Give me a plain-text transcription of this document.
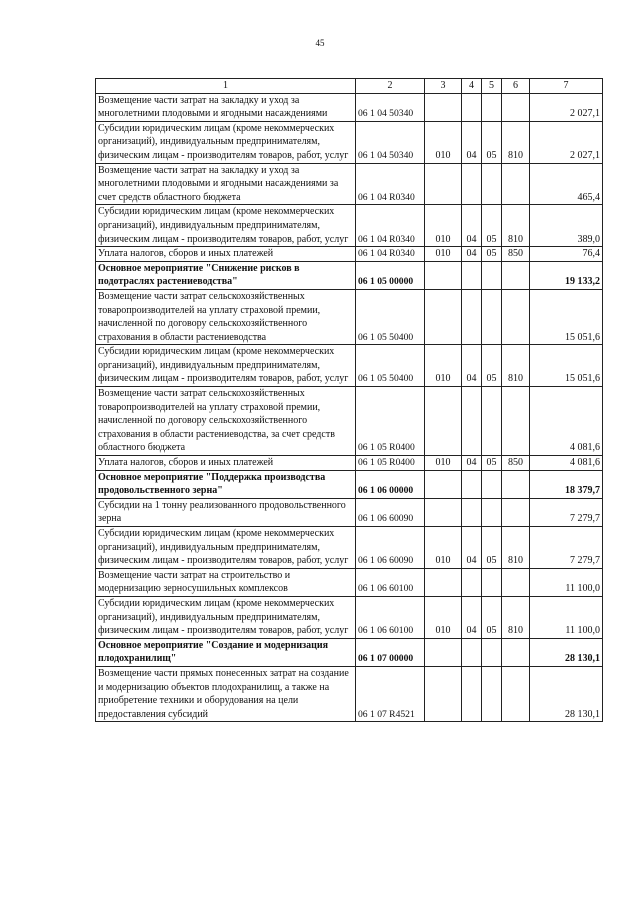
45
1	2	3	4	5	6	7
Возмещение части затрат на закладку и уход за многолетними плодовыми и ягодными насаждениями	06 1 04 50340					2 027,1
Субсидии юридическим лицам (кроме некоммерческих организаций), индивидуальным предпринимателям, физическим лицам - производителям товаров, работ, услуг	06 1 04 50340	010	04	05	810	2 027,1
Возмещение части затрат на закладку и уход за многолетними плодовыми и ягодными насаждениями за счет средств областного бюджета	06 1 04 R0340					465,4
Субсидии юридическим лицам (кроме некоммерческих организаций), индивидуальным предпринимателям, физическим лицам - производителям товаров, работ, услуг	06 1 04 R0340	010	04	05	810	389,0
Уплата налогов, сборов и иных платежей	06 1 04 R0340	010	04	05	850	76,4
Основное мероприятие "Снижение рисков в подотраслях растениеводства"	06 1 05 00000					19 133,2
Возмещение части затрат сельскохозяйственных товаропроизводителей на уплату страховой премии, начисленной по договору сельскохозяйственного страхования в области растениеводства	06 1 05 50400					15 051,6
Субсидии юридическим лицам (кроме некоммерческих организаций), индивидуальным предпринимателям, физическим лицам - производителям товаров, работ, услуг	06 1 05 50400	010	04	05	810	15 051,6
Возмещение части затрат сельскохозяйственных товаропроизводителей на уплату страховой премии, начисленной по договору сельскохозяйственного страхования в области растениеводства, за счет средств областного бюджета	06 1 05 R0400					4 081,6
Уплата налогов, сборов и иных платежей	06 1 05 R0400	010	04	05	850	4 081,6
Основное мероприятие "Поддержка производства продовольственного зерна"	06 1 06 00000					18 379,7
Субсидии на 1 тонну реализованного продовольственного зерна	06 1 06 60090					7 279,7
Субсидии юридическим лицам (кроме некоммерческих организаций), индивидуальным предпринимателям, физическим лицам - производителям товаров, работ, услуг	06 1 06 60090	010	04	05	810	7 279,7
Возмещение части затрат на строительство и модернизацию зерносушильных комплексов	06 1 06 60100					11 100,0
Субсидии юридическим лицам (кроме некоммерческих организаций), индивидуальным предпринимателям, физическим лицам - производителям товаров, работ, услуг	06 1 06 60100	010	04	05	810	11 100,0
Основное мероприятие "Создание и модернизация плодохранилищ"	06 1 07 00000					28 130,1
Возмещение части прямых понесенных затрат на создание и модернизацию объектов плодохранилищ, а также на приобретение техники и оборудования на цели предоставления субсидий	06 1 07 R4521					28 130,1
